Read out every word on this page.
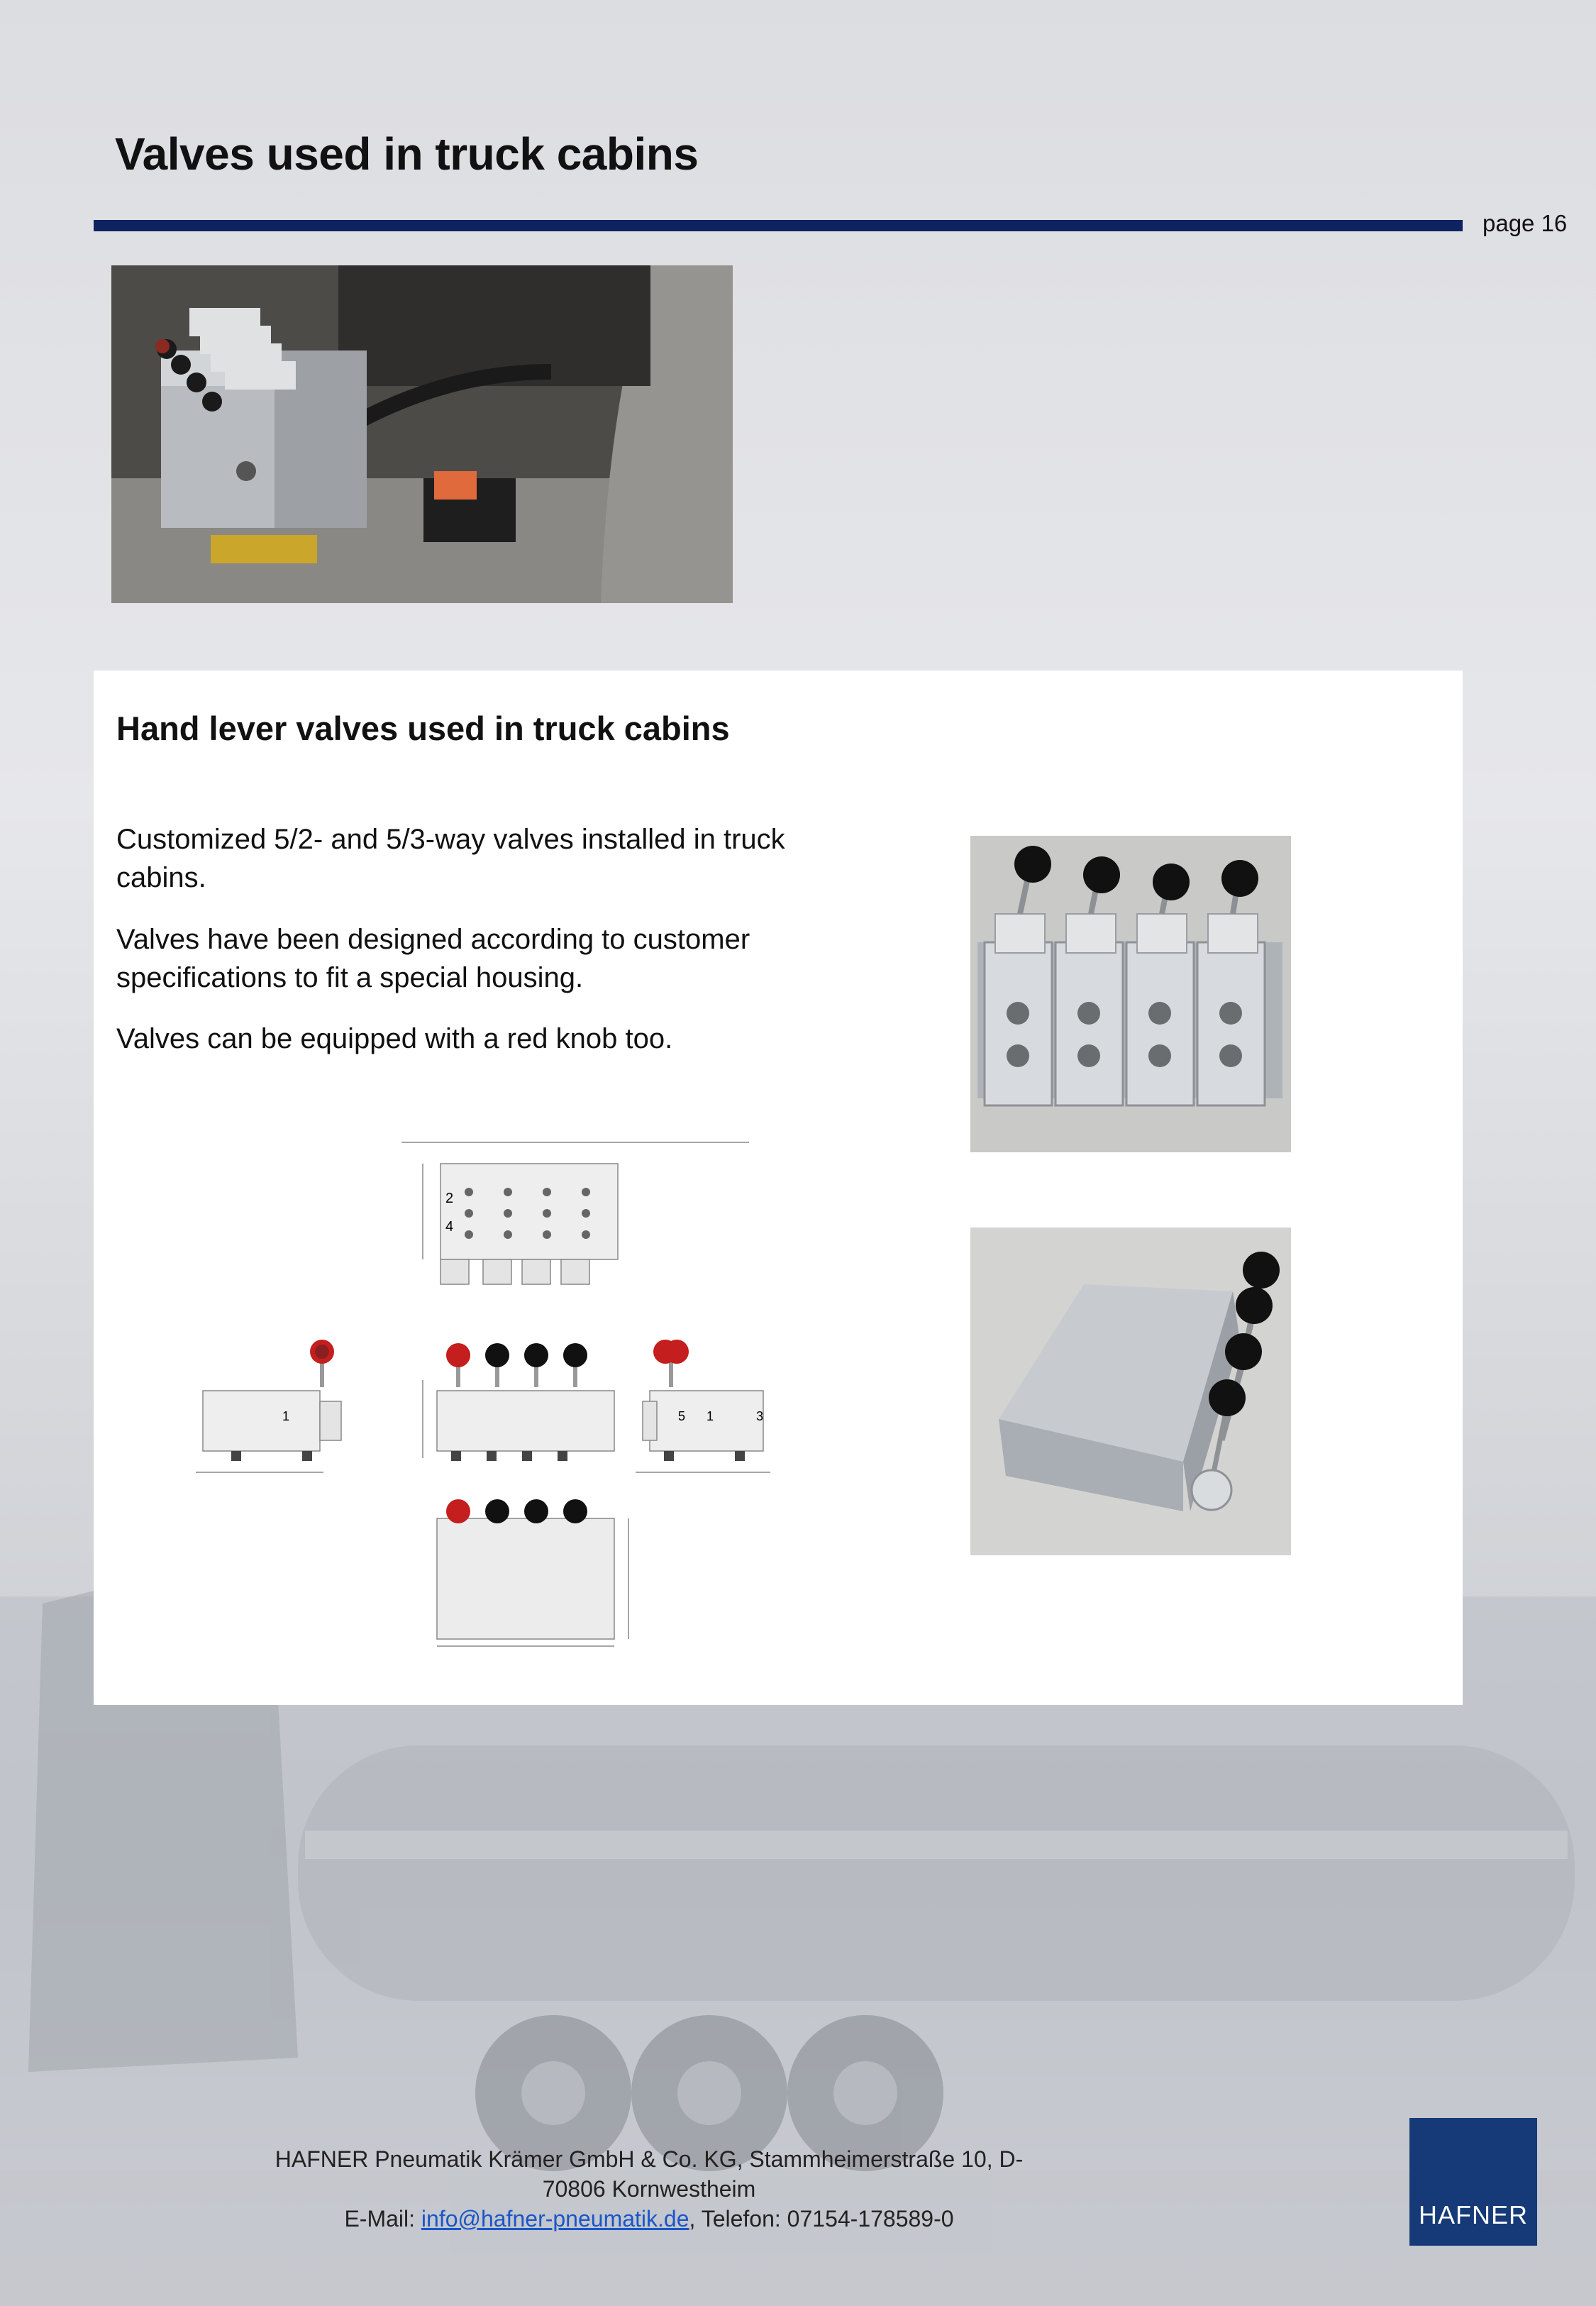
Valves used in truck cabins
page 16
Hand lever valves used in truck cabins

Customized 5/2- and 5/3-way valves installed in truck cabins.

Valves have been designed according to customer specifications to fit a special housing.

Valves can be equipped with a red knob too.

2
4
1	5 1	3
HAFNER Pneumatik Krämer GmbH & Co. KG, Stammheimerstraße 10, D-70806 Kornwestheim
E-Mail: info@hafner-pneumatik.de, Telefon: 07154-178589-0	HAFNER
